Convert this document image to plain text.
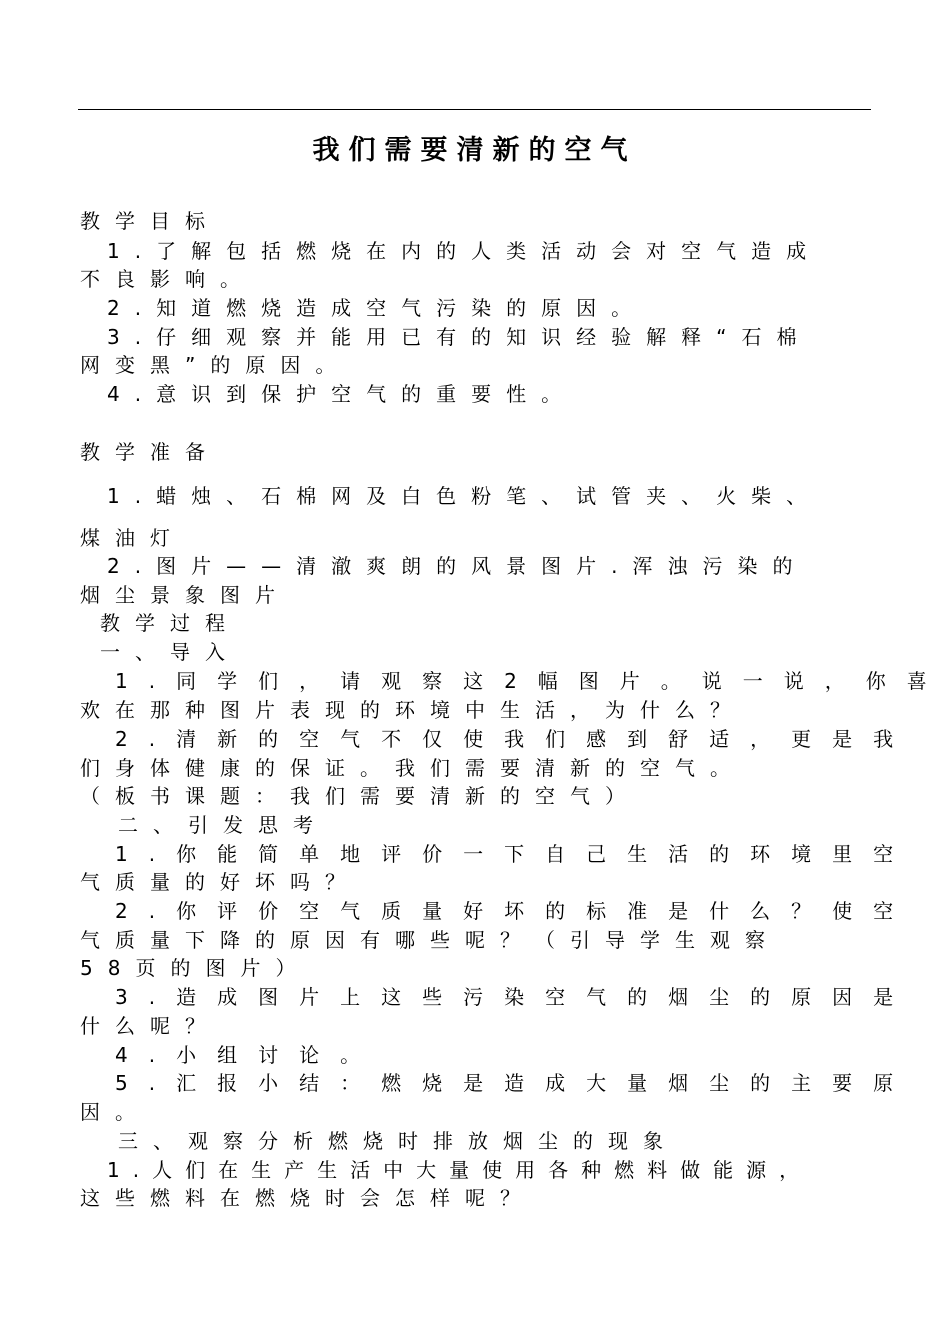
我们需要清新的空气
教学目标
1.了解包括燃烧在内的人类活动会对空气造成
不良影响。
2.知道燃烧造成空气污染的原因。
3.仔细观察并能用已有的知识经验解释“石棉
网变黑”的原因。
4.意识到保护空气的重要性。
教学准备
1.蜡烛、石棉网及白色粉笔、试管夹、火柴、
煤油灯
2.图片——清澈爽朗的风景图片.浑浊污染的
烟尘景象图片
教学过程
一、导入
1.同学们，请观察这2幅图片。说一说，你喜
欢在那种图片表现的环境中生活，为什么？
2.清新的空气不仅使我们感到舒适，更是我
们身体健康的保证。我们需要清新的空气。
（板书课题：我们需要清新的空气）
二、引发思考
1.你能简单地评价一下自己生活的环境里空
气质量的好坏吗？
2.你评价空气质量好坏的标准是什么？使空
气质量下降的原因有哪些呢？（引导学生观察
58页的图片）
3.造成图片上这些污染空气的烟尘的原因是
什么呢？
4.小组讨论。
5.汇报小结：燃烧是造成大量烟尘的主要原
因。
三、观察分析燃烧时排放烟尘的现象
1.人们在生产生活中大量使用各种燃料做能源，
这些燃料在燃烧时会怎样呢？
